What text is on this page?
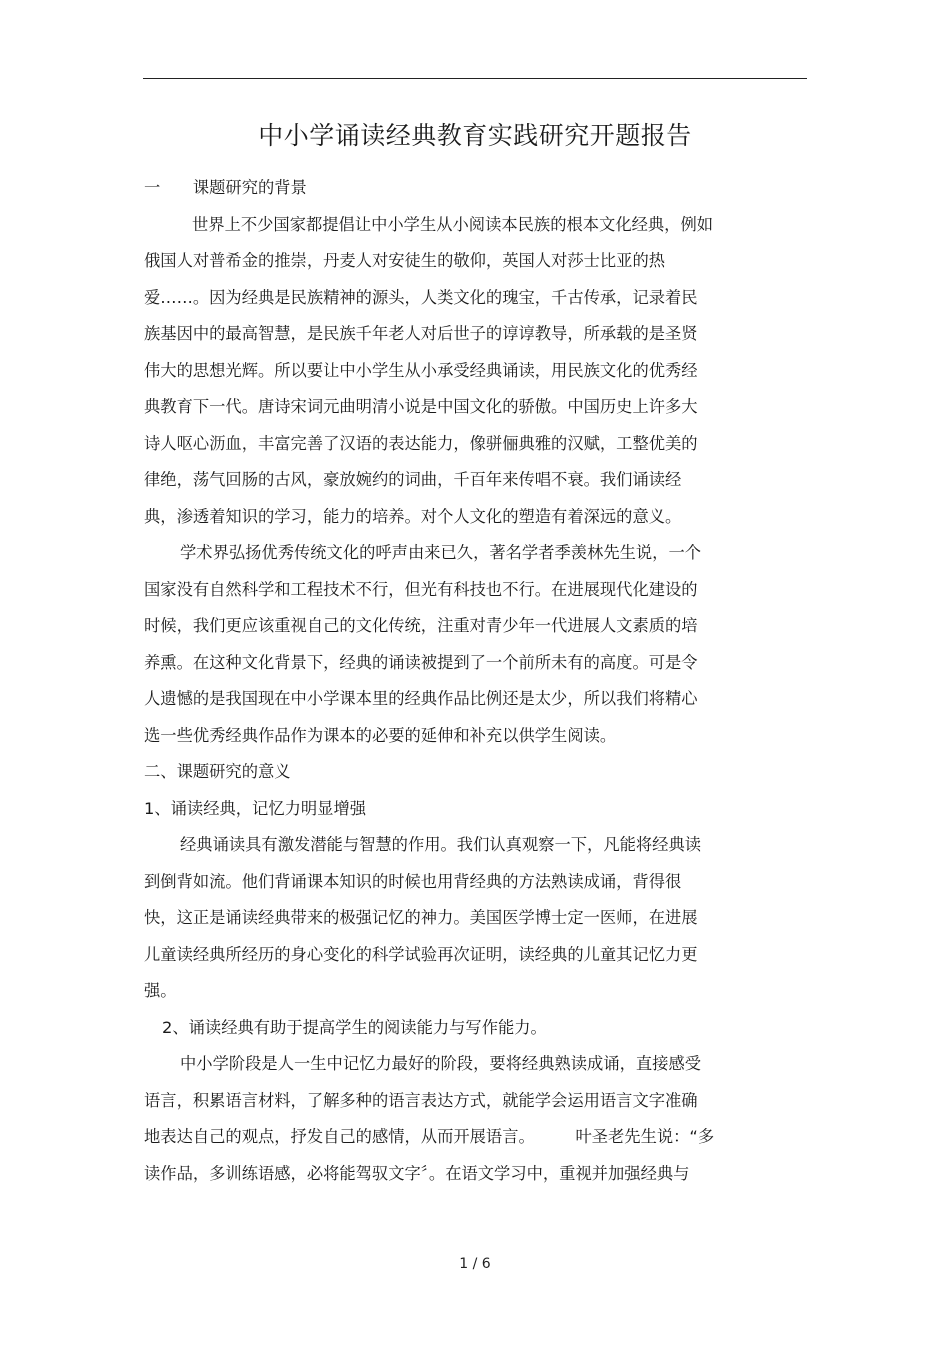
中小学诵读经典教育实践研究开题报告
一　　课题研究的背景
世界上不少国家都提倡让中小学生从小阅读本民族的根本文化经典，例如
俄国人对普希金的推崇，丹麦人对安徒生的敬仰，英国人对莎士比亚的热
爱……。因为经典是民族精神的源头，人类文化的瑰宝，千古传承，记录着民
族基因中的最高智慧，是民族千年老人对后世子的谆谆教导，所承载的是圣贤
伟大的思想光辉。所以要让中小学生从小承受经典诵读，用民族文化的优秀经
典教育下一代。唐诗宋词元曲明清小说是中国文化的骄傲。中国历史上许多大
诗人呕心沥血，丰富完善了汉语的表达能力，像骈俪典雅的汉赋，工整优美的
律绝，荡气回肠的古风，豪放婉约的词曲，千百年来传唱不衰。我们诵读经
典，渗透着知识的学习，能力的培养。对个人文化的塑造有着深远的意义。
学术界弘扬优秀传统文化的呼声由来已久，著名学者季羡林先生说，一个
国家没有自然科学和工程技术不行，但光有科技也不行。在进展现代化建设的
时候，我们更应该重视自己的文化传统，注重对青少年一代进展人文素质的培
养熏。在这种文化背景下，经典的诵读被提到了一个前所未有的高度。可是令
人遗憾的是我国现在中小学课本里的经典作品比例还是太少，所以我们将精心
选一些优秀经典作品作为课本的必要的延伸和补充以供学生阅读。
二、课题研究的意义
1、诵读经典，记忆力明显增强
经典诵读具有激发潜能与智慧的作用。我们认真观察一下，凡能将经典读
到倒背如流。他们背诵课本知识的时候也用背经典的方法熟读成诵，背得很
快，这正是诵读经典带来的极强记忆的神力。美国医学博士定一医师，在进展
儿童读经典所经历的身心变化的科学试验再次证明，读经典的儿童其记忆力更
强。
2、诵读经典有助于提高学生的阅读能力与写作能力。
中小学阶段是人一生中记忆力最好的阶段，要将经典熟读成诵，直接感受
语言，积累语言材料，了解多种的语言表达方式，就能学会运用语言文字准确
地表达自己的观点，抒发自己的感情，从而开展语言。　　　叶圣老先生说：“多
读作品，多训练语感，必将能驾驭文字〞。在语文学习中，重视并加强经典与
1 / 6
